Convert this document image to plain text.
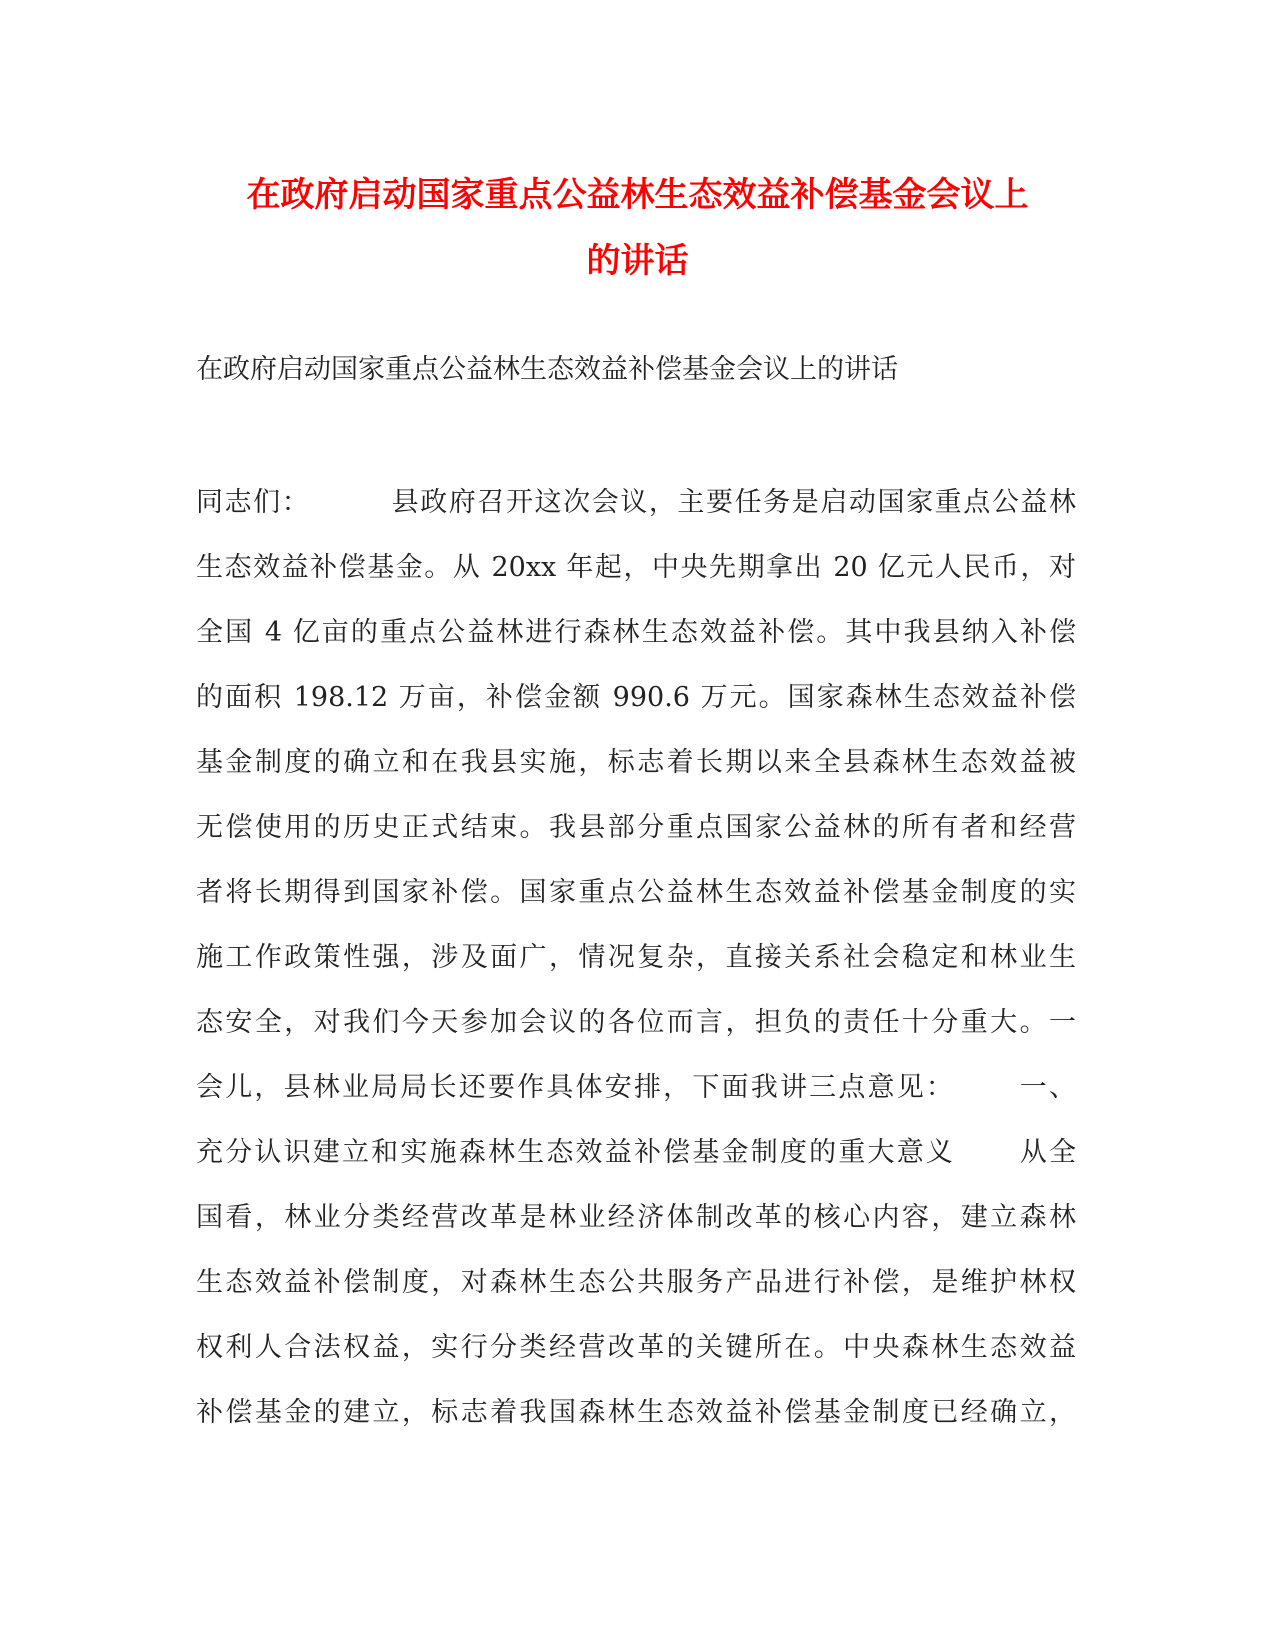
在政府启动国家重点公益林生态效益补偿基金会议上
的讲话

在政府启动国家重点公益林生态效益补偿基金会议上的讲话

同志们：        县政府召开这次会议，主要任务是启动国家重点公益林
生态效益补偿基金。从 20xx 年起，中央先期拿出 20 亿元人民币，对
全国 4 亿亩的重点公益林进行森林生态效益补偿。其中我县纳入补偿
的面积 198.12 万亩，补偿金额 990.6 万元。国家森林生态效益补偿
基金制度的确立和在我县实施，标志着长期以来全县森林生态效益被
无偿使用的历史正式结束。我县部分重点国家公益林的所有者和经营
者将长期得到国家补偿。国家重点公益林生态效益补偿基金制度的实
施工作政策性强，涉及面广，情况复杂，直接关系社会稳定和林业生
态安全，对我们今天参加会议的各位而言，担负的责任十分重大。一
会儿，县林业局局长还要作具体安排，下面我讲三点意见：      一、
充分认识建立和实施森林生态效益补偿基金制度的重大意义      从全
国看，林业分类经营改革是林业经济体制改革的核心内容，建立森林
生态效益补偿制度，对森林生态公共服务产品进行补偿，是维护林权
权利人合法权益，实行分类经营改革的关键所在。中央森林生态效益
补偿基金的建立，标志着我国森林生态效益补偿基金制度已经确立，
